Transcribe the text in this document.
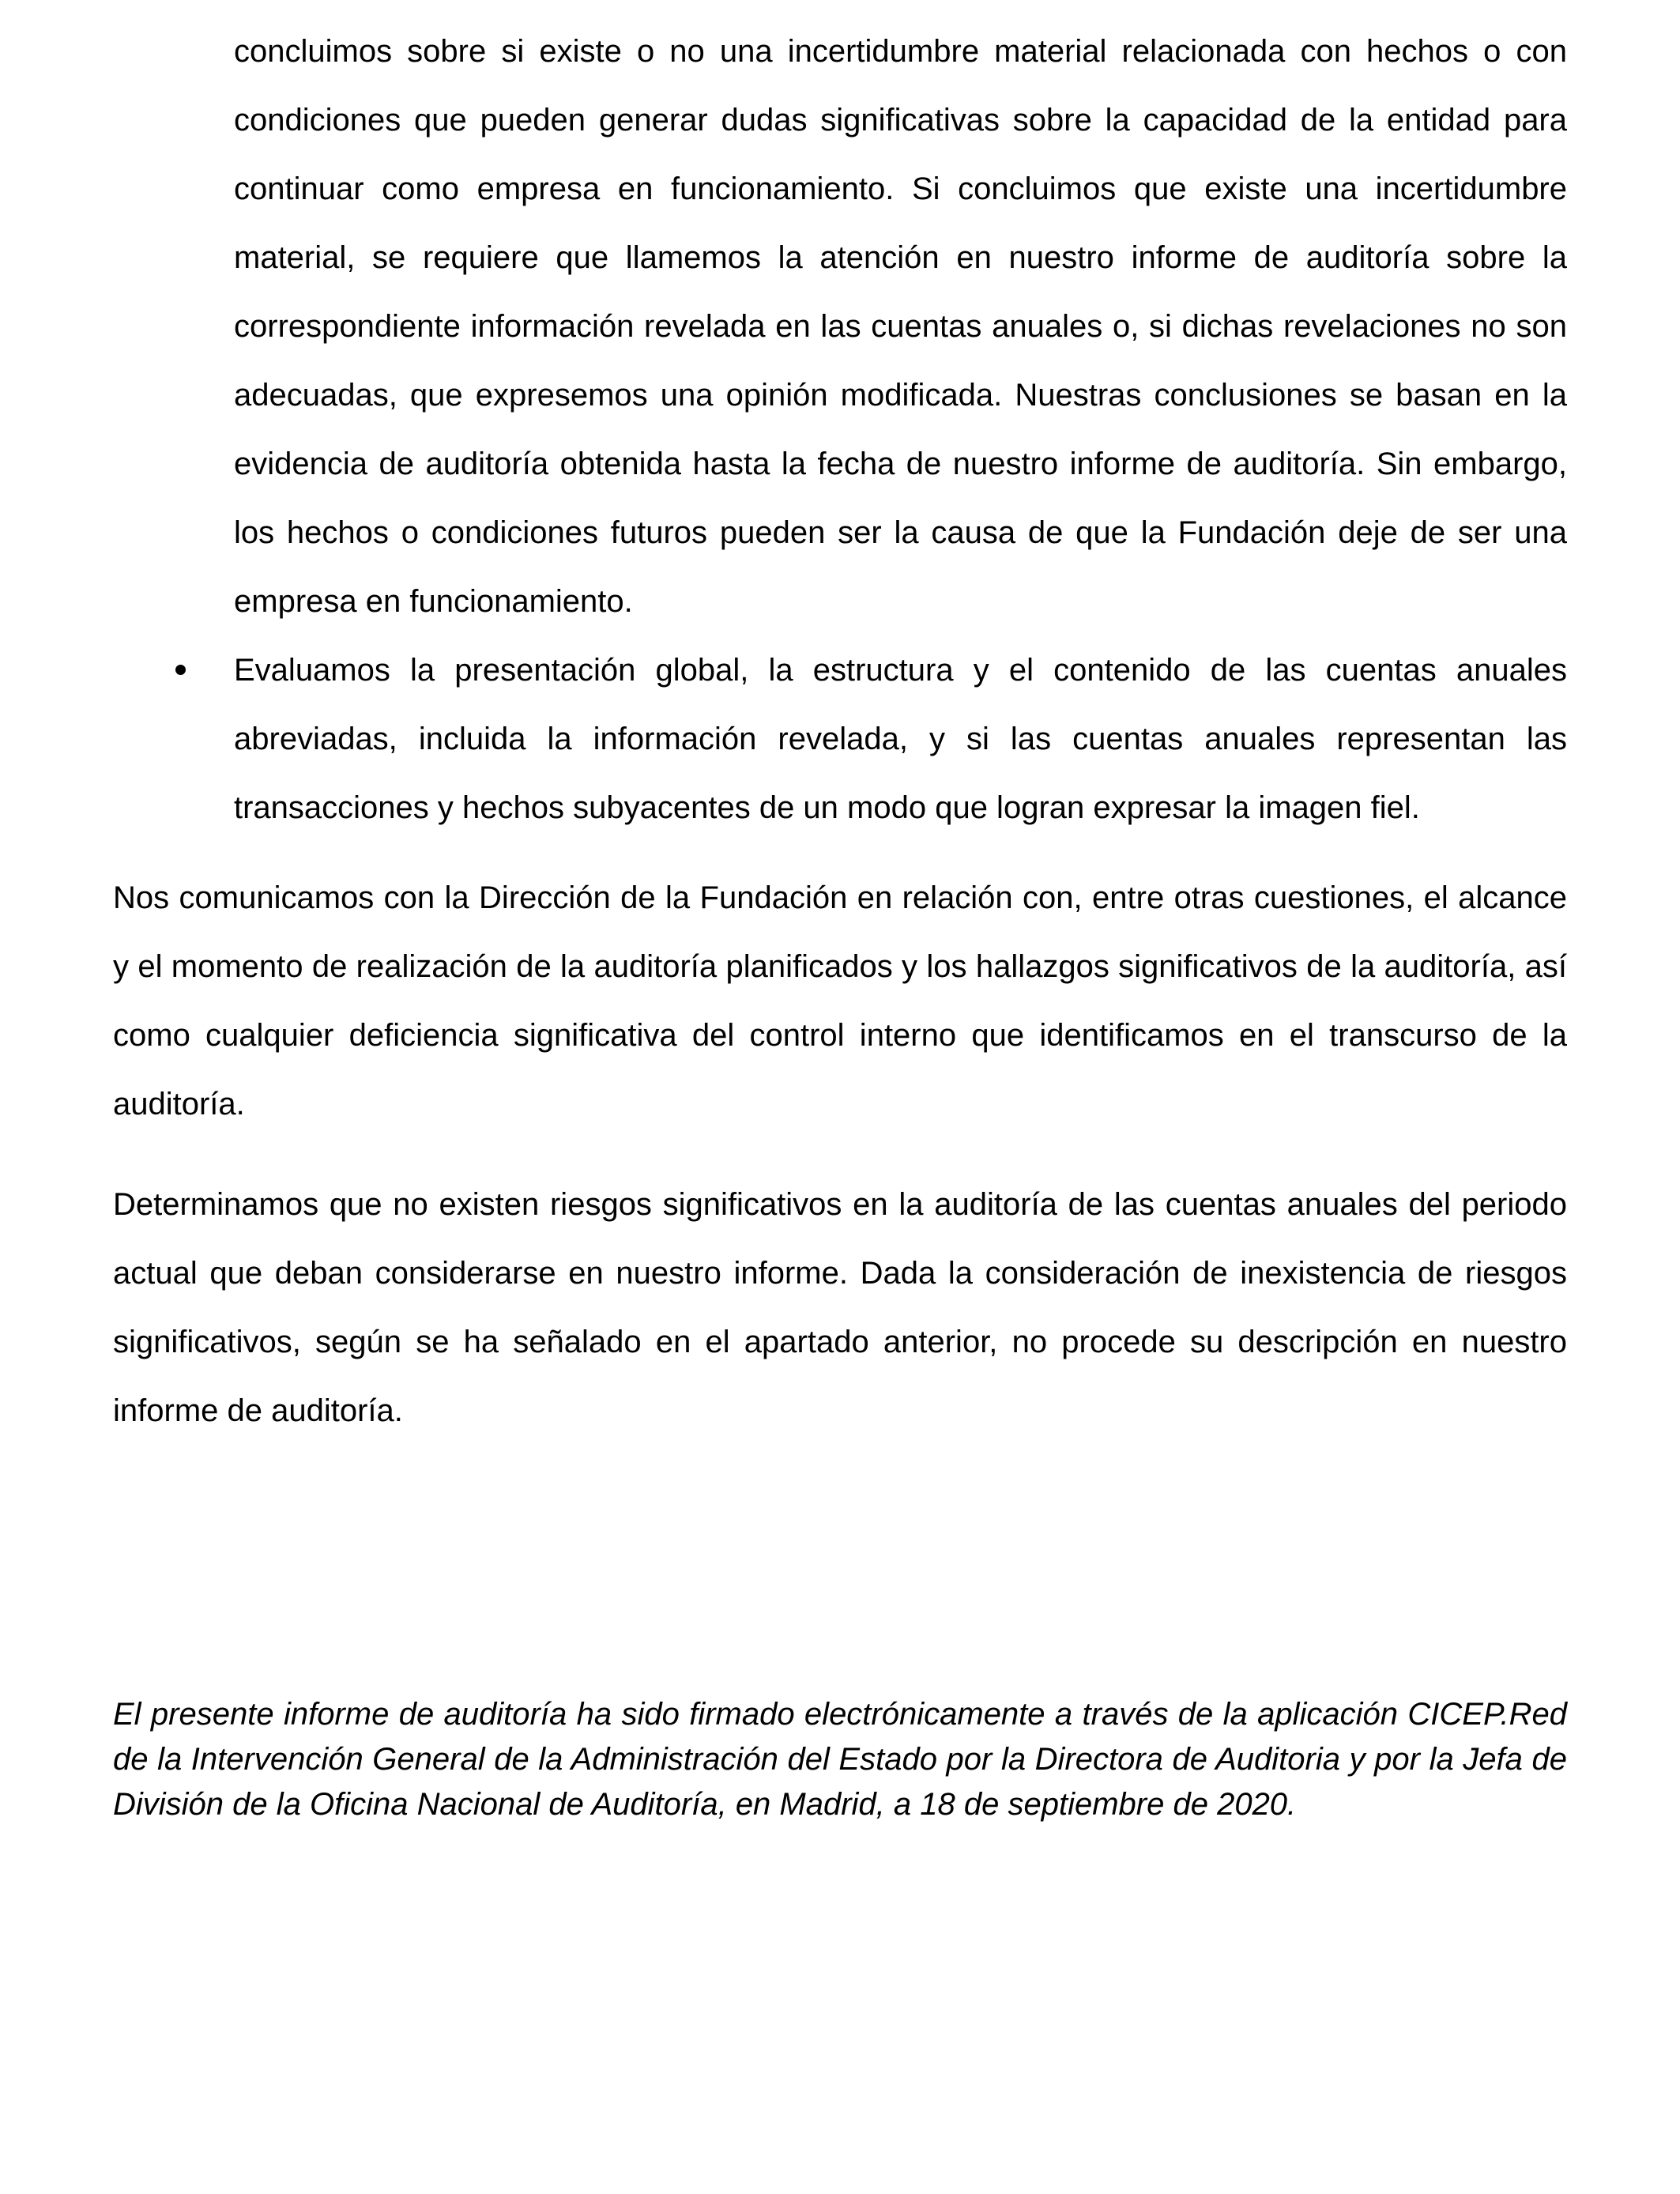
concluimos sobre si existe o no una incertidumbre material relacionada con hechos o con condiciones que pueden generar dudas significativas sobre la capacidad de la entidad para continuar como empresa en funcionamiento. Si concluimos que existe una incertidumbre material, se requiere que llamemos la atención en nuestro informe de auditoría sobre la correspondiente información revelada en las cuentas anuales o, si dichas revelaciones no son adecuadas, que expresemos una opinión modificada. Nuestras conclusiones se basan en la evidencia de auditoría obtenida hasta la fecha de nuestro informe de auditoría. Sin embargo, los hechos o condiciones futuros pueden ser la causa de que la Fundación deje de ser una empresa en funcionamiento.

Evaluamos la presentación global, la estructura y el contenido de las cuentas anuales abreviadas, incluida la información revelada, y si las cuentas anuales representan las transacciones y hechos subyacentes de un modo que logran expresar la imagen fiel.

Nos comunicamos con la Dirección de la Fundación en relación con, entre otras cuestiones, el alcance y el momento de realización de la auditoría planificados y los hallazgos significativos de la auditoría, así como cualquier deficiencia significativa del control interno que identificamos en el transcurso de la auditoría.

Determinamos que no existen riesgos significativos en la auditoría de las cuentas anuales del periodo actual que deban considerarse en nuestro informe. Dada la consideración de inexistencia de riesgos significativos, según se ha señalado en el apartado anterior, no procede su descripción en nuestro informe de auditoría.

El presente informe de auditoría ha sido firmado electrónicamente a través de la aplicación CICEP.Red de la Intervención General de la Administración del Estado por la Directora de Auditoria y por la Jefa de División de la Oficina Nacional de Auditoría, en Madrid, a 18 de septiembre de 2020.
